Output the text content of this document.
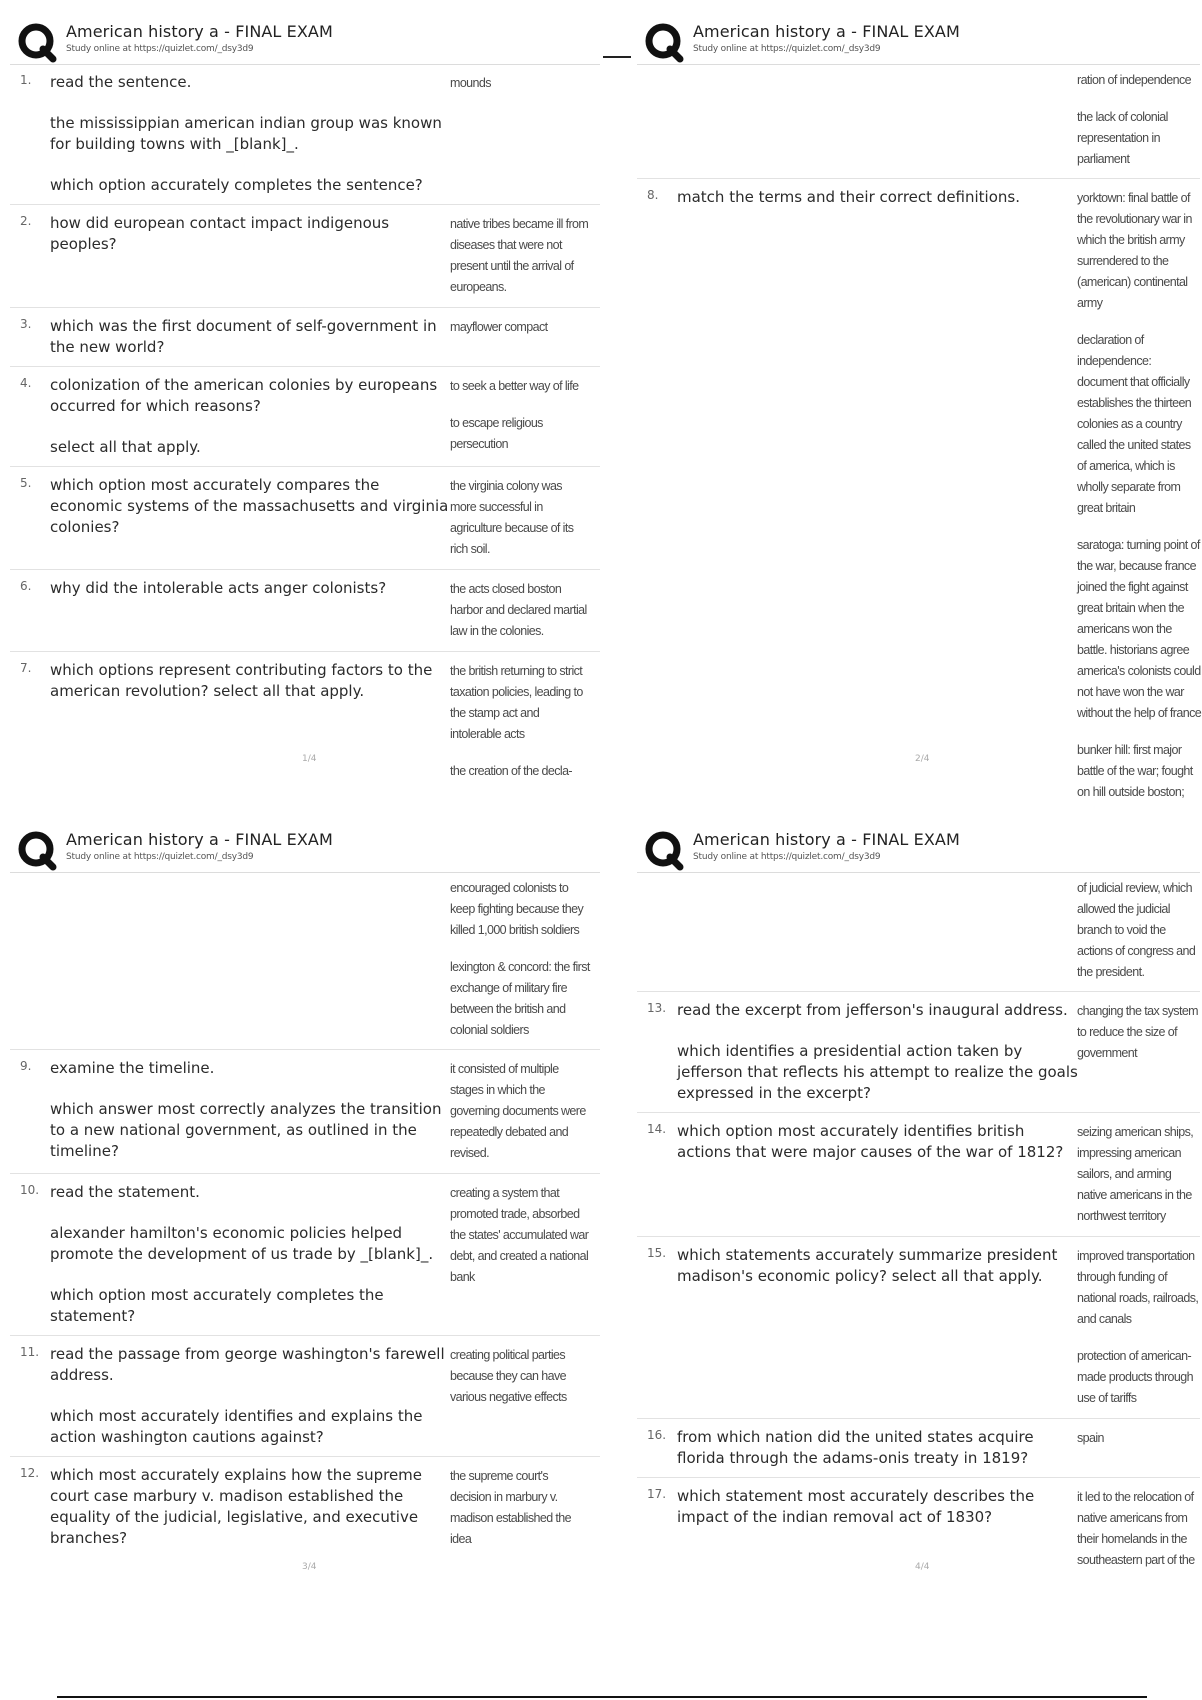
American history a - FINAL EXAM
Study online at https://quizlet.com/_dsy3d9
1. read the sentence.

the mississippian american indian group was known for building towns with _[blank]_.

which option accurately completes the sentence?

mounds

2. how did european contact impact indigenous peoples?

native tribes became ill from diseases that were not present until the arrival of europeans.

3. which was the first document of self-government in the new world?

mayflower compact

4. colonization of the american colonies by europeans occurred for which reasons?

select all that apply.

to seek a better way of life

to escape religious persecution

5. which option most accurately compares the economic systems of the massachusetts and virginia colonies?

the virginia colony was more successful in agriculture because of its rich soil.

6. why did the intolerable acts anger colonists?	the acts closed boston harbor and declared martial law in the colonies.

7. which options represent contributing factors to the american revolution? select all that apply.

the british returning to strict taxation policies, leading to the stamp act and intolerable acts

the creation of the decla-

1/4
American history a - FINAL EXAM
Study online at https://quizlet.com/_dsy3d9

ration of independence

the lack of colonial representation in parliament

8. match the terms and their correct definitions.	yorktown: final battle of the revolutionary war in which the british army surrendered to the (american) continental army

declaration of independence: document that officially establishes the thirteen colonies as a country called the united states of america, which is wholly separate from great britain

saratoga: turning point of the war, because france joined the fight against great britain when the americans won the battle. historians agree america's colonists could not have won the war without the help of france

bunker hill: first major battle of the war; fought on hill outside boston;

2/4
American history a - FINAL EXAM
Study online at https://quizlet.com/_dsy3d9

encouraged colonists to keep fighting because they killed 1,000 british soldiers

lexington & concord: the first exchange of military fire between the british and colonial soldiers

9. examine the timeline.

which answer most correctly analyzes the transition to a new national government, as outlined in the timeline?

it consisted of multiple stages in which the governing documents were repeatedly debated and revised.

10. read the statement.

alexander hamilton's economic policies helped promote the development of us trade by _[blank]_.

which option most accurately completes the statement?

creating a system that promoted trade, absorbed the states' accumulated war debt, and created a national bank

11. read the passage from george washington's farewell address.

which most accurately identifies and explains the action washington cautions against?

creating political parties because they can have various negative effects

12. which most accurately explains how the supreme court case marbury v. madison established the equality of the judicial, legislative, and executive branches?

the supreme court's decision in marbury v. madison established the idea

3/4
American history a - FINAL EXAM
Study online at https://quizlet.com/_dsy3d9

of judicial review, which allowed the judicial branch to void the actions of congress and the president.

13. read the excerpt from jefferson's inaugural address.

which identifies a presidential action taken by jefferson that reflects his attempt to realize the goals expressed in the excerpt?

changing the tax system to reduce the size of government

14. which option most accurately identifies british actions that were major causes of the war of 1812?

seizing american ships, impressing american sailors, and arming native americans in the northwest territory

15. which statements accurately summarize president madison's economic policy? select all that apply.

improved transportation through funding of national roads, railroads, and canals

protection of american-made products through use of tariffs

16. from which nation did the united states acquire florida through the adams-onis treaty in 1819?

spain

17. which statement most accurately describes the impact of the indian removal act of 1830?

it led to the relocation of native americans from their homelands in the southeastern part of the

4/4
